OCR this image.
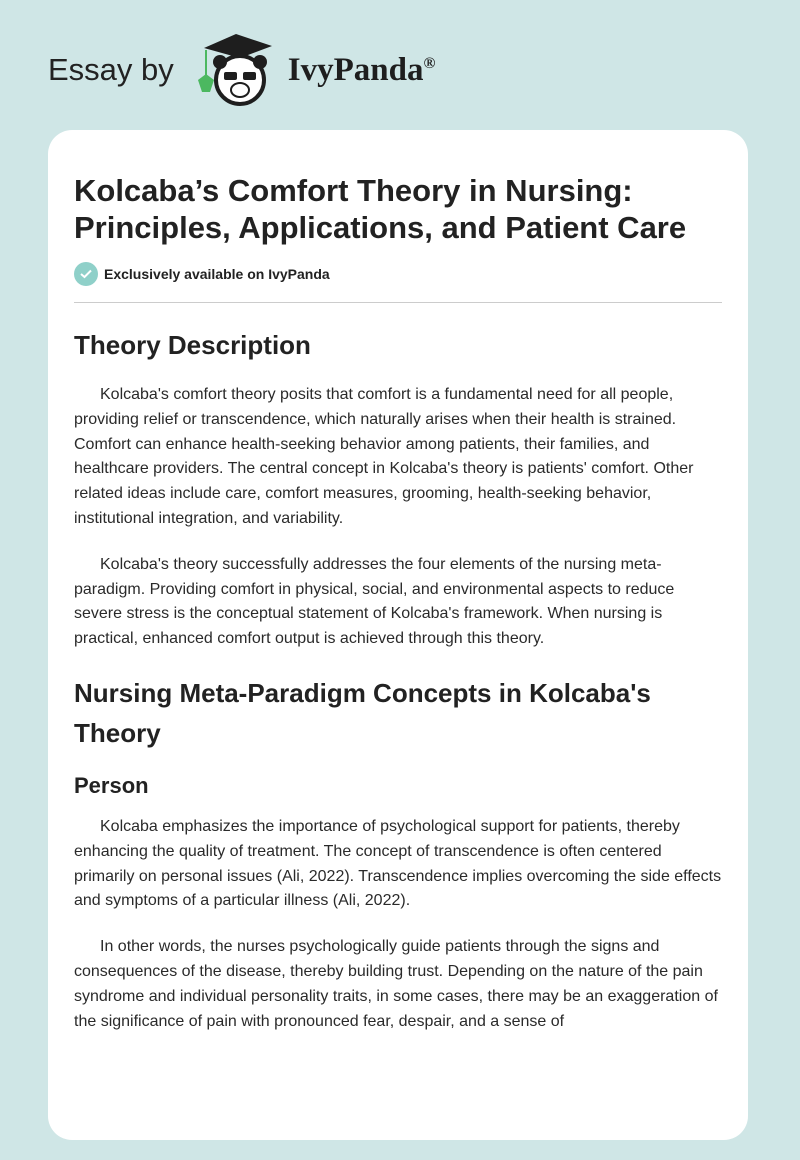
Essay by	IvyPanda®
Kolcaba’s Comfort Theory in Nursing: Principles, Applications, and Patient Care
Exclusively available on IvyPanda
Theory Description

Kolcaba's comfort theory posits that comfort is a fundamental need for all people, providing relief or transcendence, which naturally arises when their health is strained. Comfort can enhance health-seeking behavior among patients, their families, and healthcare providers. The central concept in Kolcaba's theory is patients' comfort. Other related ideas include care, comfort measures, grooming, health-seeking behavior, institutional integration, and variability.

Kolcaba's theory successfully addresses the four elements of the nursing meta-paradigm. Providing comfort in physical, social, and environmental aspects to reduce severe stress is the conceptual statement of Kolcaba's framework. When nursing is practical, enhanced comfort output is achieved through this theory.

Nursing Meta-Paradigm Concepts in Kolcaba's Theory
Person

Kolcaba emphasizes the importance of psychological support for patients, thereby enhancing the quality of treatment. The concept of transcendence is often centered primarily on personal issues (Ali, 2022). Transcendence implies overcoming the side effects and symptoms of a particular illness (Ali, 2022).

In other words, the nurses psychologically guide patients through the signs and consequences of the disease, thereby building trust. Depending on the nature of the pain syndrome and individual personality traits, in some cases, there may be an exaggeration of the significance of pain with pronounced fear, despair, and a sense of
